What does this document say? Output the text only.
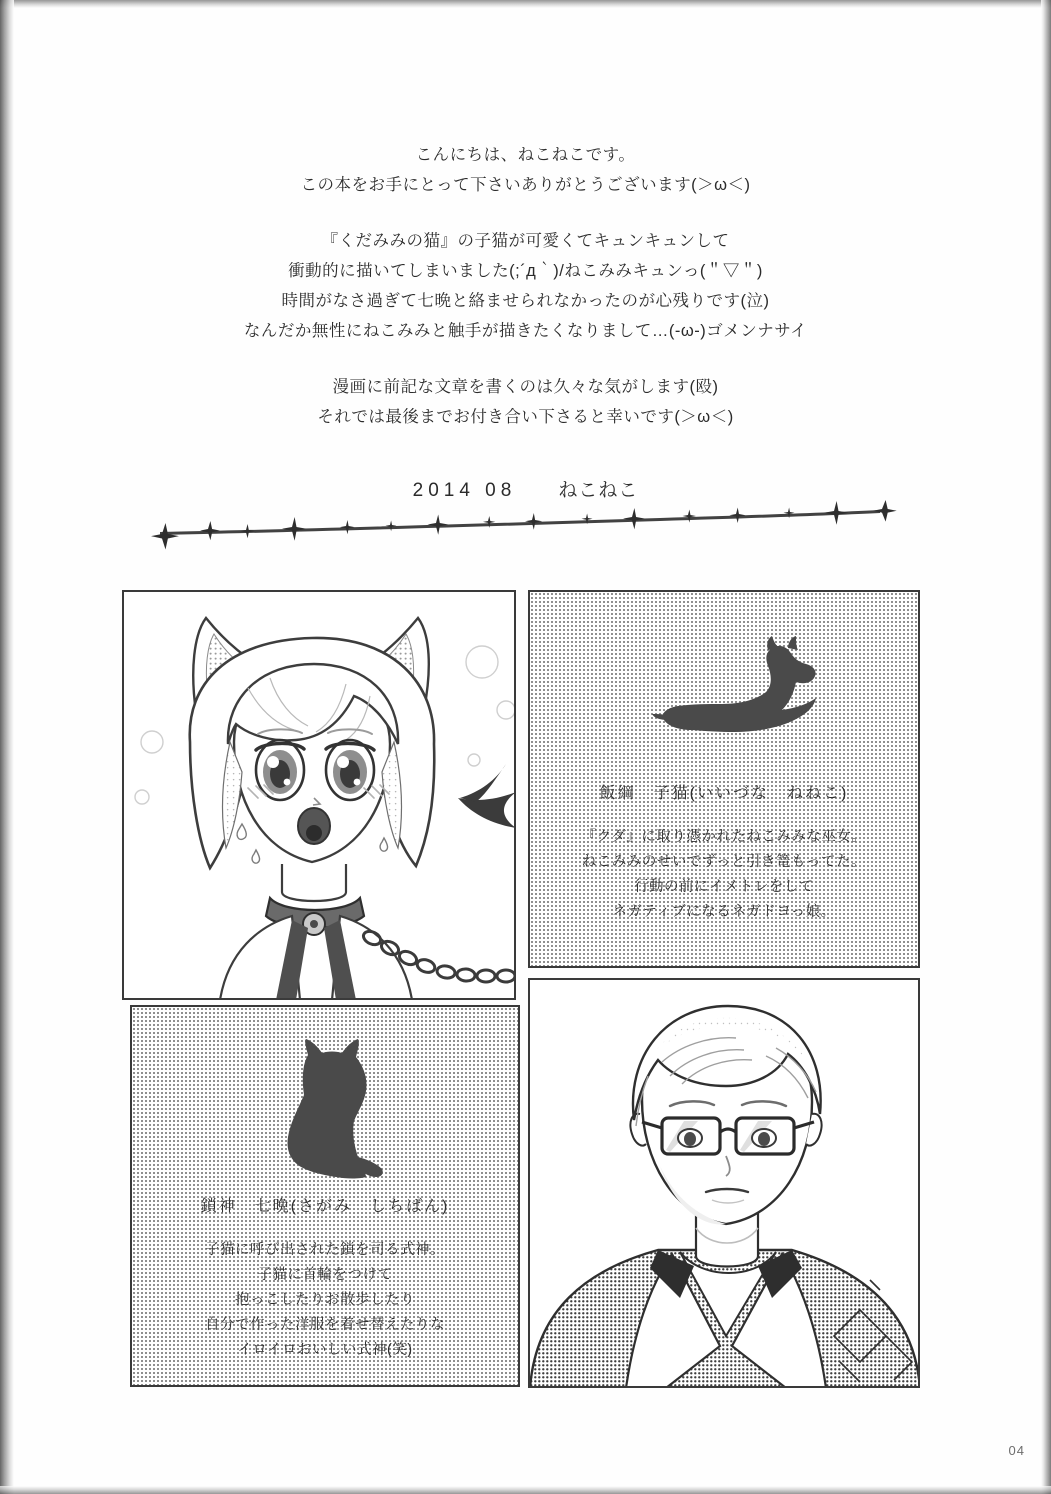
こんにちは、ねこねこです。

この本をお手にとって下さいありがとうございます(＞ω＜)

『くだみみの猫』の子猫が可愛くてキュンキュンして

衝動的に描いてしまいました(;´д｀)/ねこみみキュンっ(＂▽＂)

時間がなさ過ぎて七晩と絡ませられなかったのが心残りです(泣)

なんだか無性にねこみみと触手が描きたくなりまして…(-ω-)ゴメンナサイ

漫画に前記な文章を書くのは久々な気がします(殴)

それでは最後までお付き合い下さると幸いです(＞ω＜)

2014 08 ねこねこ
飯綱　子猫(いいづな　ねねこ)
『クダ』に取り憑かれたねこみみな巫女。
ねこみみのせいでずっと引き篭もってた。
行動の前にイメトレをして
ネガティブになるネガドヨっ娘。
鎖神　七晩(さがみ　しちばん)
子猫に呼び出された鎖を司る式神。
子猫に首輪をつけて
抱っこしたりお散歩したり
自分で作った洋服を着せ替えたりな
イロイロおいしい式神(笑)
04
